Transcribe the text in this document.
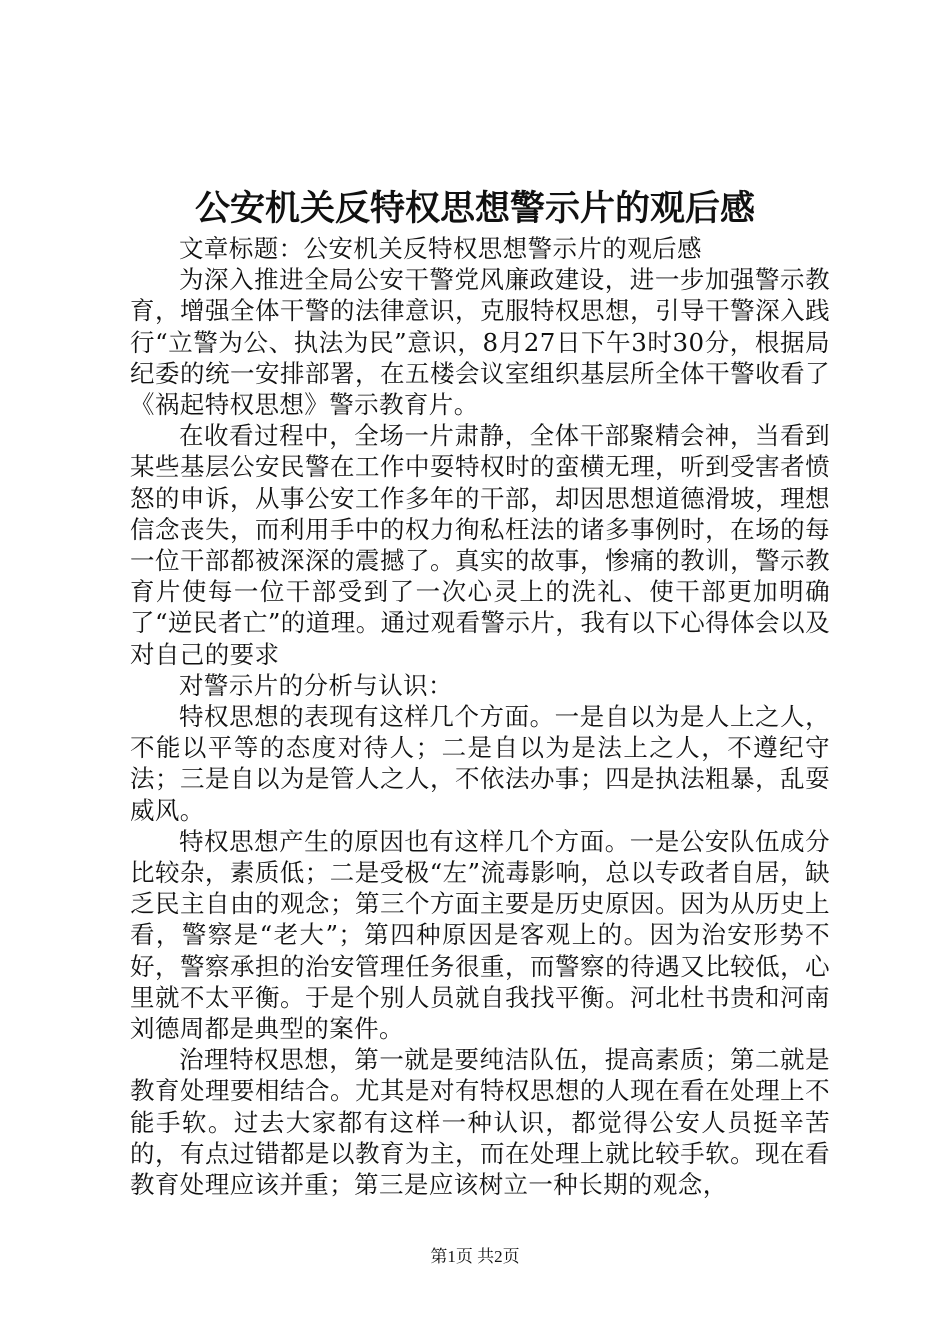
公安机关反特权思想警示片的观后感

文章标题：公安机关反特权思想警示片的观后感

为深入推进全局公安干警党风廉政建设，进一步加强警示教育，增强全体干警的法律意识，克服特权思想，引导干警深入践行“立警为公、执法为民”意识，8月27日下午3时30分，根据局纪委的统一安排部署，在五楼会议室组织基层所全体干警收看了《祸起特权思想》警示教育片。

在收看过程中，全场一片肃静，全体干部聚精会神，当看到某些基层公安民警在工作中耍特权时的蛮横无理，听到受害者愤怒的申诉，从事公安工作多年的干部，却因思想道德滑坡，理想信念丧失，而利用手中的权力徇私枉法的诸多事例时，在场的每一位干部都被深深的震撼了。真实的故事，惨痛的教训，警示教育片使每一位干部受到了一次心灵上的洗礼、使干部更加明确了“逆民者亡”的道理。通过观看警示片，我有以下心得体会以及对自己的要求

对警示片的分析与认识：

特权思想的表现有这样几个方面。一是自以为是人上之人，不能以平等的态度对待人；二是自以为是法上之人，不遵纪守法；三是自以为是管人之人，不依法办事；四是执法粗暴，乱耍威风。

特权思想产生的原因也有这样几个方面。一是公安队伍成分比较杂，素质低；二是受极“左”流毒影响，总以专政者自居，缺乏民主自由的观念；第三个方面主要是历史原因。因为从历史上看，警察是“老大”；第四种原因是客观上的。因为治安形势不好，警察承担的治安管理任务很重，而警察的待遇又比较低，心里就不太平衡。于是个别人员就自我找平衡。河北杜书贵和河南刘德周都是典型的案件。

治理特权思想，第一就是要纯洁队伍，提高素质；第二就是教育处理要相结合。尤其是对有特权思想的人现在看在处理上不能手软。过去大家都有这样一种认识，都觉得公安人员挺辛苦的，有点过错都是以教育为主，而在处理上就比较手软。现在看教育处理应该并重；第三是应该树立一种长期的观念，

第1页 共2页
